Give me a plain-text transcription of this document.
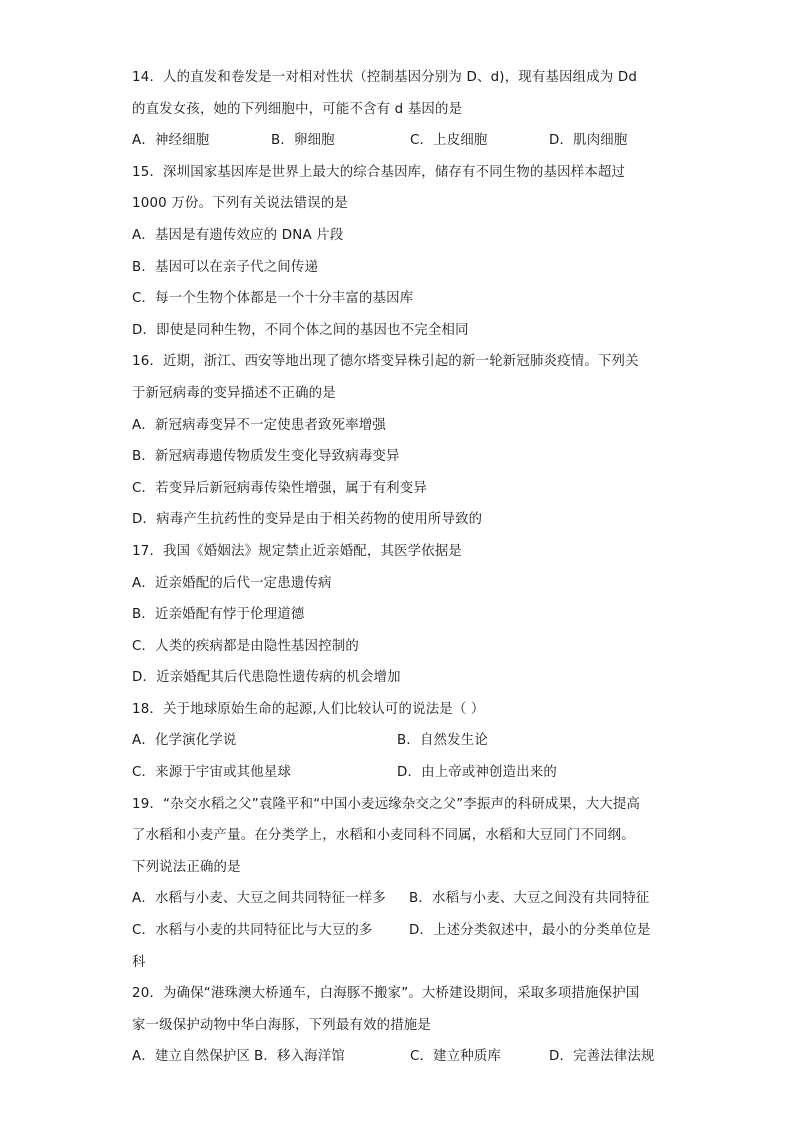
14．人的直发和卷发是一对相对性状（控制基因分别为 D、d)，现有基因组成为 Dd
的直发女孩，她的下列细胞中，可能不含有 d 基因的是
A．神经细胞	B．卵细胞	C．上皮细胞	D．肌肉细胞
15．深圳国家基因库是世界上最大的综合基因库，储存有不同生物的基因样本超过
1000 万份。下列有关说法错误的是
A．基因是有遗传效应的 DNA 片段
B．基因可以在亲子代之间传递
C．每一个生物个体都是一个十分丰富的基因库
D．即使是同种生物，不同个体之间的基因也不完全相同
16．近期，浙江、西安等地出现了德尔塔变异株引起的新一轮新冠肺炎疫情。下列关
于新冠病毒的变异描述不正确的是
A．新冠病毒变异不一定使患者致死率增强
B．新冠病毒遗传物质发生变化导致病毒变异
C．若变异后新冠病毒传染性增强，属于有利变异
D．病毒产生抗药性的变异是由于相关药物的使用所导致的
17．我国《婚姻法》规定禁止近亲婚配，其医学依据是
A．近亲婚配的后代一定患遗传病
B．近亲婚配有悖于伦理道德
C．人类的疾病都是由隐性基因控制的
D．近亲婚配其后代患隐性遗传病的机会增加
18．关于地球原始生命的起源,人们比较认可的说法是（ ）
A．化学演化学说	B．自然发生论
C．来源于宇宙或其他星球	D．由上帝或神创造出来的
19．“杂交水稻之父”袁隆平和“中国小麦远缘杂交之父”李振声的科研成果，大大提高
了水稻和小麦产量。在分类学上，水稻和小麦同科不同属，水稻和大豆同门不同纲。
下列说法正确的是
A．水稻与小麦、大豆之间共同特征一样多	B．水稻与小麦、大豆之间没有共同特征
C．水稻与小麦的共同特征比与大豆的多	D．上述分类叙述中，最小的分类单位是
科
20．为确保“港珠澳大桥通车，白海豚不搬家”。大桥建设期间，采取多项措施保护国
家一级保护动物中华白海豚，下列最有效的措施是
A．建立自然保护区 B．移入海洋馆	C．建立种质库	D．完善法律法规
